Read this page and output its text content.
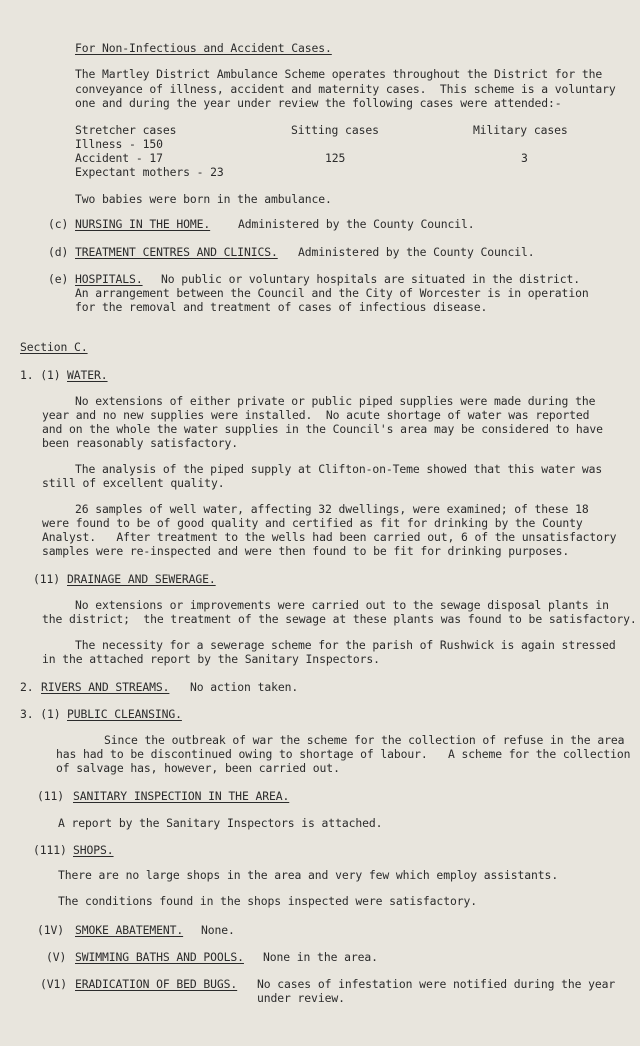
For Non-Infectious and Accident Cases.
The Martley District Ambulance Scheme operates throughout the District for the
conveyance of illness, accident and maternity cases.  This scheme is a voluntary
one and during the year under review the following cases were attended:-
Stretcher cases	Sitting cases	Military cases
Illness - 150
Accident - 17	125	3
Expectant mothers - 23
Two babies were born in the ambulance.
(c) NURSING IN THE HOME. Administered by the County Council.
(d) TREATMENT CENTRES AND CLINICS. Administered by the County Council.
(e) HOSPITALS. No public or voluntary hospitals are situated in the district.
An arrangement between the Council and the City of Worcester is in operation
for the removal and treatment of cases of infectious disease.
Section C.
1. (1) WATER.
No extensions of either private or public piped supplies were made during the
year and no new supplies were installed.  No acute shortage of water was reported
and on the whole the water supplies in the Council's area may be considered to have
been reasonably satisfactory.
The analysis of the piped supply at Clifton-on-Teme showed that this water was
still of excellent quality.
26 samples of well water, affecting 32 dwellings, were examined; of these 18
were found to be of good quality and certified as fit for drinking by the County
Analyst.   After treatment to the wells had been carried out, 6 of the unsatisfactory
samples were re-inspected and were then found to be fit for drinking purposes.
(11) DRAINAGE AND SEWERAGE.
No extensions or improvements were carried out to the sewage disposal plants in
the district;  the treatment of the sewage at these plants was found to be satisfactory.
The necessity for a sewerage scheme for the parish of Rushwick is again stressed
in the attached report by the Sanitary Inspectors.
2. RIVERS AND STREAMS. No action taken.
3. (1) PUBLIC CLEANSING.
Since the outbreak of war the scheme for the collection of refuse in the area
has had to be discontinued owing to shortage of labour.   A scheme for the collection
of salvage has, however, been carried out.
(11) SANITARY INSPECTION IN THE AREA.
A report by the Sanitary Inspectors is attached.
(111) SHOPS.
There are no large shops in the area and very few which employ assistants.
The conditions found in the shops inspected were satisfactory.
(1V) SMOKE ABATEMENT. None.
(V) SWIMMING BATHS AND POOLS. None in the area.
(V1) ERADICATION OF BED BUGS. No cases of infestation were notified during the year
under review.
